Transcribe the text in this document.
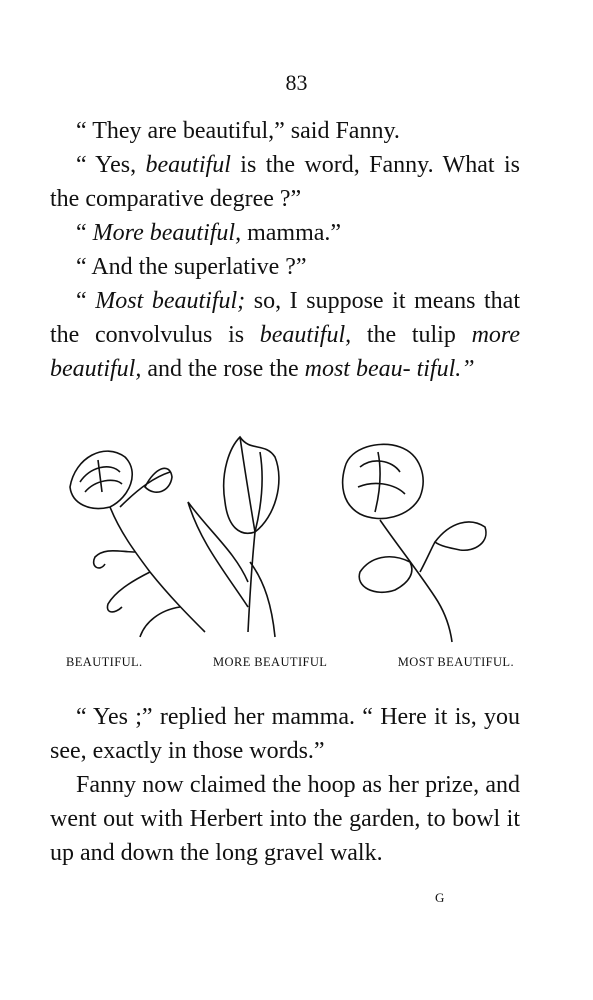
83

“ They are beautiful,” said Fanny.

“ Yes, beautiful is the word, Fanny. What is the comparative degree ?”

“ More beautiful, mamma.”

“ And the superlative ?”

“ Most beautiful; so, I suppose it means that the convolvulus is beautiful, the tulip more beautiful, and the rose the most beau- tiful.”

BEAUTIFUL.	MORE BEAUTIFUL	MOST BEAUTIFUL.

“ Yes ;” replied her mamma. “ Here it is, you see, exactly in those words.”

Fanny now claimed the hoop as her prize, and went out with Herbert into the garden, to bowl it up and down the long gravel walk.

G
